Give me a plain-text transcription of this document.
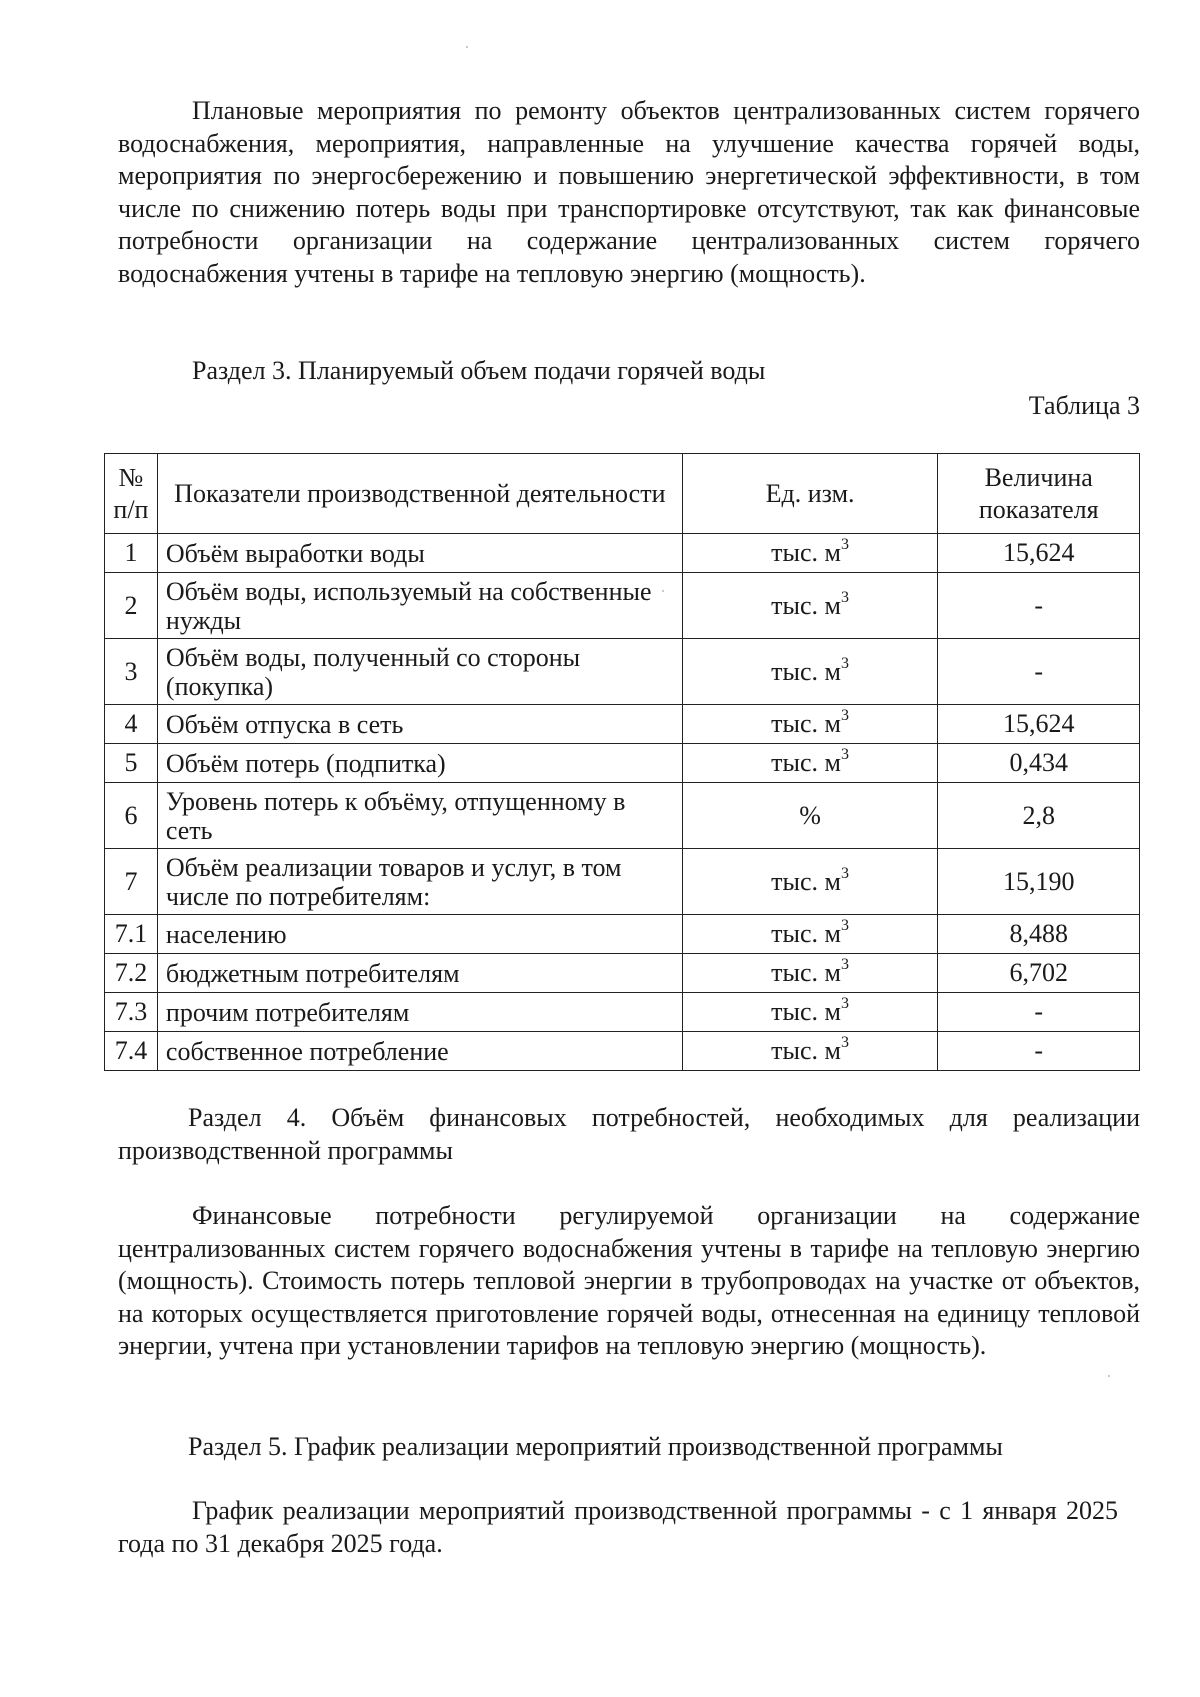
Плановые мероприятия по ремонту объектов централизованных систем горячего водоснабжения, мероприятия, направленные на улучшение качества горячей воды, мероприятия по энергосбережению и повышению энергетической эффективности, в том числе по снижению потерь воды при транспортировке отсутствуют, так как финансовые потребности организации на содержание централизованных систем горячего водоснабжения учтены в тарифе на тепловую энергию (мощность).

Раздел 3. Планируемый объем подачи горячей воды

Таблица 3

№ п/п	Показатели производственной деятельности	Ед. изм.	Величина показателя
1	Объём выработки воды	тыс. $м^3$	15,624
2	Объём воды, используемый на собственные нужды	тыс. $м^3$	-
3	Объём воды, полученный со стороны (покупка)	тыс. $м^3$	-
4	Объём отпуска в сеть	тыс. $м^3$	15,624
5	Объём потерь (подпитка)	тыс. $м^3$	0,434
6	Уровень потерь к объёму, отпущенному в сеть	%	2,8
7	Объём реализации товаров и услуг, в том числе по потребителям:	тыс. $м^3$	15,190
7.1	населению	тыс. $м^3$	8,488
7.2	бюджетным потребителям	тыс. $м^3$	6,702
7.3	прочим потребителям	тыс. $м^3$	-
7.4	собственное потребление	тыс. $м^3$	-

Раздел 4. Объём финансовых потребностей, необходимых для реализации производственной программы

Финансовые потребности регулируемой организации на содержание централизованных систем горячего водоснабжения учтены в тарифе на тепловую энергию (мощность). Стоимость потерь тепловой энергии в трубопроводах на участке от объектов, на которых осуществляется приготовление горячей воды, отнесенная на единицу тепловой энергии, учтена при установлении тарифов на тепловую энергию (мощность).

Раздел 5. График реализации мероприятий производственной программы

График реализации мероприятий производственной программы - с 1 января 2025 года по 31 декабря 2025 года.
